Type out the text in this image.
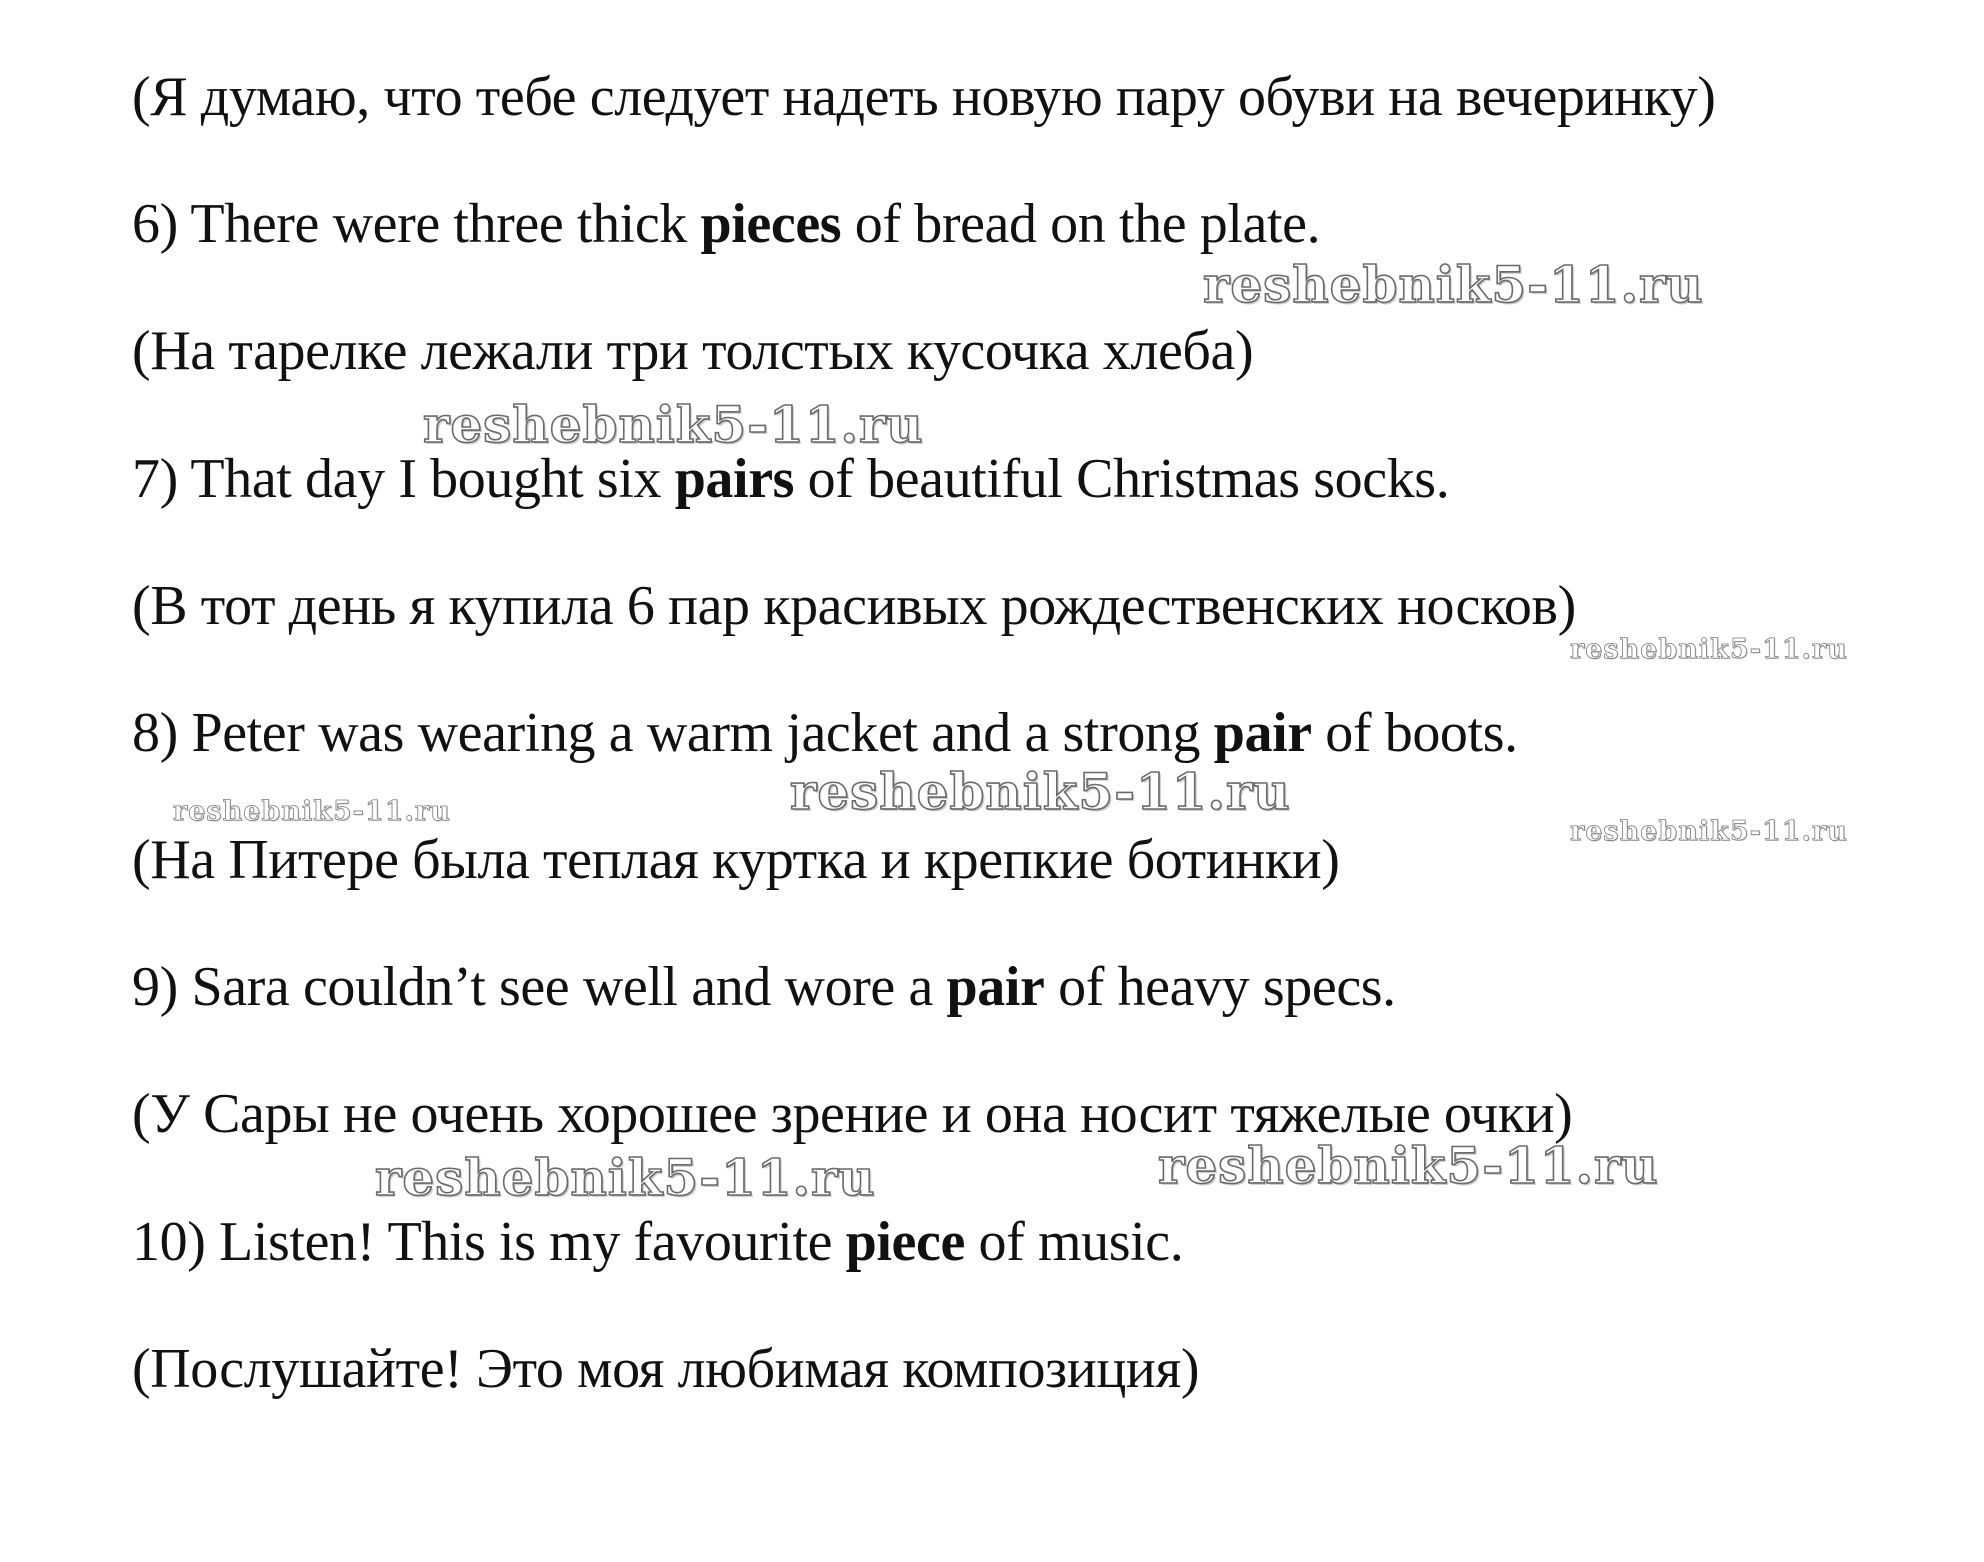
(Я думаю, что тебе следует надеть новую пару обуви на вечеринку)
6) There were three thick pieces of bread on the plate.
(На тарелке лежали три толстых кусочка хлеба)
7) That day I bought six pairs of beautiful Christmas socks.
(В тот день я купила 6 пар красивых рождественских носков)
8) Peter was wearing a warm jacket and a strong pair of boots.
(На Питере была теплая куртка и крепкие ботинки)
9) Sara couldn’t see well and wore a pair of heavy specs.
(У Сары не очень хорошее зрение и она носит тяжелые очки)
10) Listen! This is my favourite piece of music.
(Послушайте! Это моя любимая композиция)
reshebnik5-11.ru
reshebnik5-11.ru
reshebnik5-11.ru
reshebnik5-11.ru
reshebnik5-11.ru
reshebnik5-11.ru
reshebnik5-11.ru
reshebnik5-11.ru
